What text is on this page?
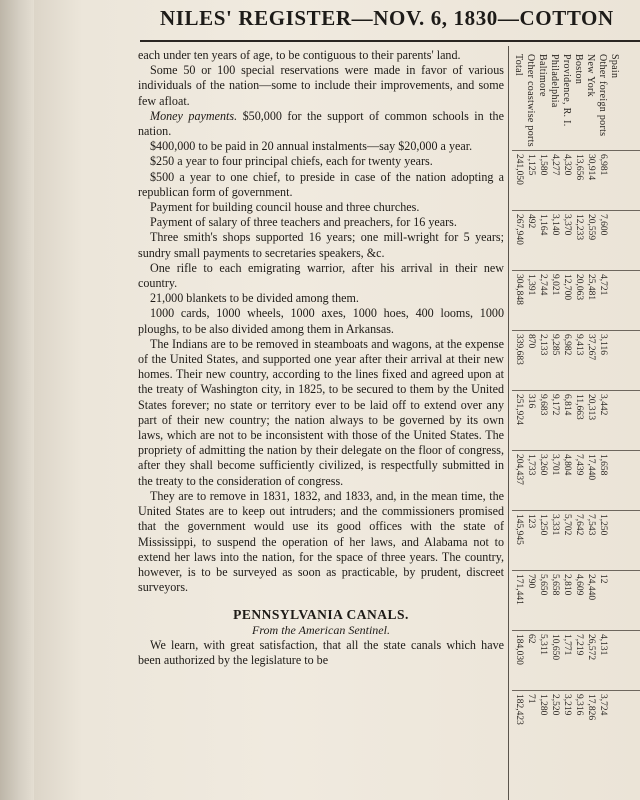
NILES' REGISTER—NOV. 6, 1830—COTTON

each under ten years of age, to be contiguous to their parents' land.

Some 50 or 100 special reservations were made in favor of various individuals of the nation—some to include their improvements, and some few afloat.

Money payments. $50,000 for the support of common schools in the nation.

$400,000 to be paid in 20 annual instalments—say $20,000 a year.

$250 a year to four principal chiefs, each for twenty years.

$500 a year to one chief, to preside in case of the nation adopting a republican form of government.

Payment for building council house and three churches.

Payment of salary of three teachers and preachers, for 16 years.

Three smith's shops supported 16 years; one mill-wright for 5 years; sundry small payments to secretaries speakers, &c.

One rifle to each emigrating warrior, after his arrival in their new country.

21,000 blankets to be divided among them.

1000 cards, 1000 wheels, 1000 axes, 1000 hoes, 400 looms, 1000 ploughs, to be also divided among them in Arkansas.

The Indians are to be removed in steamboats and wagons, at the expense of the United States, and supported one year after their arrival at their new homes. Their new country, according to the lines fixed and agreed upon at the treaty of Washington city, in 1825, to be secured to them by the United States forever; no state or territory ever to be laid off to extend over any part of their new country; the nation always to be governed by its own laws, which are not to be inconsistent with those of the United States. The propriety of admitting the nation by their delegate on the floor of congress, after they shall become sufficiently civilized, is respectfully submitted in the treaty to the consideration of congress.

They are to remove in 1831, 1832, and 1833, and, in the mean time, the United States are to keep out intruders; and the commissioners promised that the government would use its good offices with the state of Mississippi, to suspend the operation of her laws, and Alabama not to extend her laws into the nation, for the space of three years. The country, however, is to be surveyed as soon as practicable, by prudent, discreet surveyors.

PENNSYLVANIA CANALS.

From the American Sentinel.

We learn, with great satisfaction, that all the state canals which have been authorized by the legislature to be

Total Other coastwise ports Baltimore Philadelphia Providence, R. I. Boston New York Other foreign ports Spain
241,050 1,125 1,580 4,277 4,320 13,656 30,914 6,981
267,940 492 1,164 3,140 3,370 12,233 20,559 7,600
304,848 1,391 2,744 9,021 12,700 20,063 25,481 4,721
339,683 870 2,133 9,285 6,982 9,413 37,267 3,116
251,924 316 9,683 9,172 6,814 11,663 20,313 3,442
204,437 1,733 3,260 3,701 4,804 7,439 17,440 1,658
145,945 123 1,250 3,331 5,702 7,642 7,543 1,250
171,441 790 5,650 5,658 2,810 4,609 24,440 12
184,030 62 5,311 10,650 1,771 7,219 26,572 4,131
182,423 71 1,280 2,520 3,219 9,316 17,826 3,724
